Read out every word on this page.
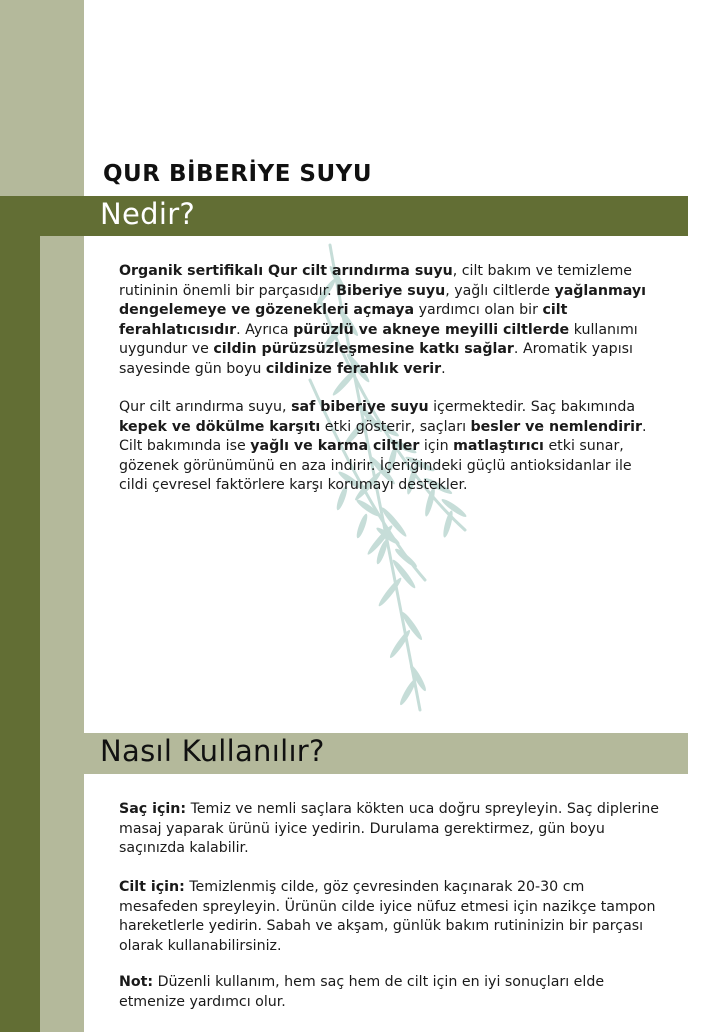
QUR BİBERİYE SUYU
Nedir?

Organik sertifikalı Qur cilt arındırma suyu, cilt bakım ve temizleme rutininin önemli bir parçasıdır. Biberiye suyu, yağlı ciltlerde yağlanmayı dengelemeye ve gözenekleri açmaya yardımcı olan bir cilt ferahlatıcısıdır. Ayrıca pürüzlü ve akneye meyilli ciltlerde kullanımı uygundur ve cildin pürüzsüzleşmesine katkı sağlar. Aromatik yapısı sayesinde gün boyu cildinize ferahlık verir.

Qur cilt arındırma suyu, saf biberiye suyu içermektedir. Saç bakımında kepek ve dökülme karşıtı etki gösterir, saçları besler ve nemlendirir. Cilt bakımında ise yağlı ve karma ciltler için matlaştırıcı etki sunar, gözenek görünümünü en aza indirir. İçeriğindeki güçlü antioksidanlar ile cildi çevresel faktörlere karşı korumayı destekler.

Nasıl Kullanılır?

Saç için: Temiz ve nemli saçlara kökten uca doğru spreyleyin. Saç diplerine masaj yaparak ürünü iyice yedirin. Durulama gerektirmez, gün boyu saçınızda kalabilir.

Cilt için: Temizlenmiş cilde, göz çevresinden kaçınarak 20-30 cm mesafeden spreyleyin. Ürünün cilde iyice nüfuz etmesi için nazikçe tampon hareketlerle yedirin. Sabah ve akşam, günlük bakım rutininizin bir parçası olarak kullanabilirsiniz.

Not: Düzenli kullanım, hem saç hem de cilt için en iyi sonuçları elde etmenize yardımcı olur.
